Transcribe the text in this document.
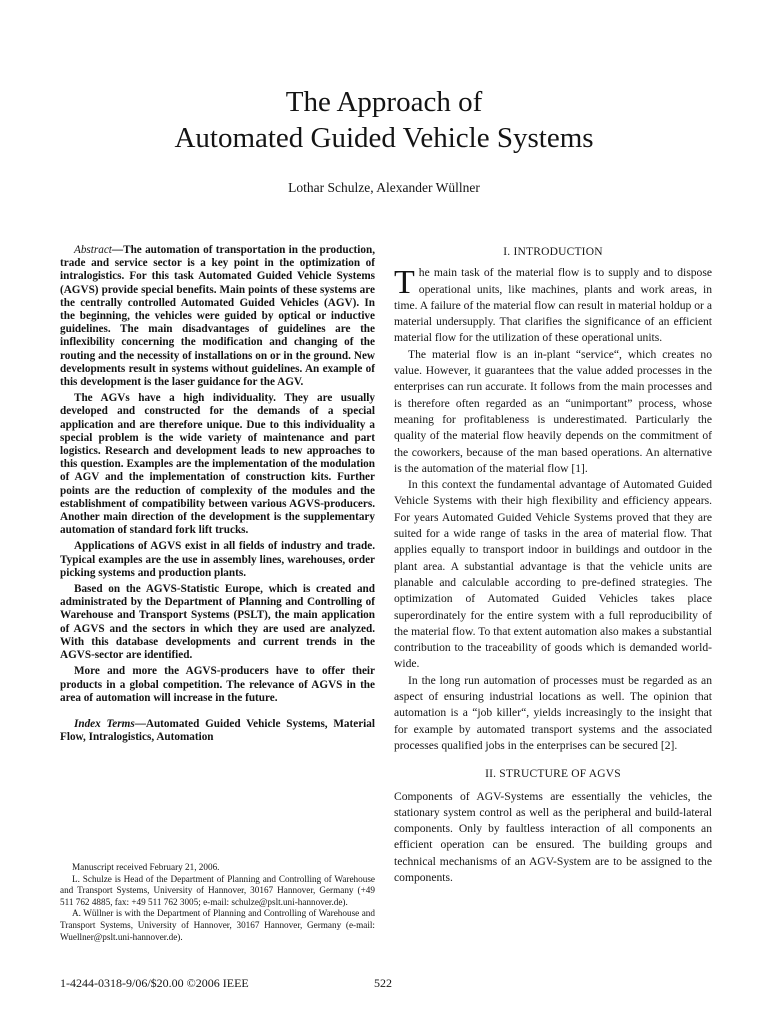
The Approach of
Automated Guided Vehicle Systems
Lothar Schulze, Alexander Wüllner

Abstract—The automation of transportation in the production, trade and service sector is a key point in the optimization of intralogistics. For this task Automated Guided Vehicle Systems (AGVS) provide special benefits. Main points of these systems are the centrally controlled Automated Guided Vehicles (AGV). In the beginning, the vehicles were guided by optical or inductive guidelines. The main disadvantages of guidelines are the inflexibility concerning the modification and changing of the routing and the necessity of installations on or in the ground. New developments result in systems without guidelines. An example of this development is the laser guidance for the AGV.

The AGVs have a high individuality. They are usually developed and constructed for the demands of a special application and are therefore unique. Due to this individuality a special problem is the wide variety of maintenance and part logistics. Research and development leads to new approaches to this question. Examples are the implementation of the modulation of AGV and the implementation of construction kits. Further points are the reduction of complexity of the modules and the establishment of compatibility between various AGVS-producers. Another main direction of the development is the supplementary automation of standard fork lift trucks.

Applications of AGVS exist in all fields of industry and trade. Typical examples are the use in assembly lines, warehouses, order picking systems and production plants.

Based on the AGVS-Statistic Europe, which is created and administrated by the Department of Planning and Controlling of Warehouse and Transport Systems (PSLT), the main application of AGVS and the sectors in which they are used are analyzed. With this database developments and current trends in the AGVS-sector are identified.

More and more the AGVS-producers have to offer their products in a global competition. The relevance of AGVS in the area of automation will increase in the future.

Index Terms—Automated Guided Vehicle Systems, Material Flow, Intralogistics, Automation

Manuscript received February 21, 2006.

L. Schulze is Head of the Department of Planning and Controlling of Warehouse and Transport Systems, University of Hannover, 30167 Hannover, Germany (+49 511 762 4885, fax: +49 511 762 3005; e-mail: schulze@pslt.uni-hannover.de).

A. Wüllner is with the Department of Planning and Controlling of Warehouse and Transport Systems, University of Hannover, 30167 Hannover, Germany (e-mail: Wuellner@pslt.uni-hannover.de).

1-4244-0318-9/06/$20.00 ©2006 IEEE	522
I. INTRODUCTION

The main task of the material flow is to supply and to dispose operational units, like machines, plants and work areas, in time. A failure of the material flow can result in material holdup or a material undersupply. That clarifies the significance of an efficient material flow for the utilization of these operational units.

The material flow is an in-plant “service“, which creates no value. However, it guarantees that the value added processes in the enterprises can run accurate. It follows from the main processes and is therefore often regarded as an “unimportant” process, whose meaning for profitableness is underestimated. Particularly the quality of the material flow heavily depends on the commitment of the coworkers, because of the man based operations. An alternative is the automation of the material flow [1].

In this context the fundamental advantage of Automated Guided Vehicle Systems with their high flexibility and efficiency appears. For years Automated Guided Vehicle Systems proved that they are suited for a wide range of tasks in the area of material flow. That applies equally to transport indoor in buildings and outdoor in the plant area. A substantial advantage is that the vehicle units are planable and calculable according to pre-defined strategies. The optimization of Automated Guided Vehicles takes place superordinately for the entire system with a full reproducibility of the material flow. To that extent automation also makes a substantial contribution to the traceability of goods which is demanded world-wide.

In the long run automation of processes must be regarded as an aspect of ensuring industrial locations as well. The opinion that automation is a “job killer“, yields increasingly to the insight that for example by automated transport systems and the associated processes qualified jobs in the enterprises can be secured [2].

II. STRUCTURE OF AGVS

Components of AGV-Systems are essentially the vehicles, the stationary system control as well as the peripheral and build-lateral components. Only by faultless interaction of all components an efficient operation can be ensured. The building groups and technical mechanisms of an AGV-System are to be assigned to the components.
